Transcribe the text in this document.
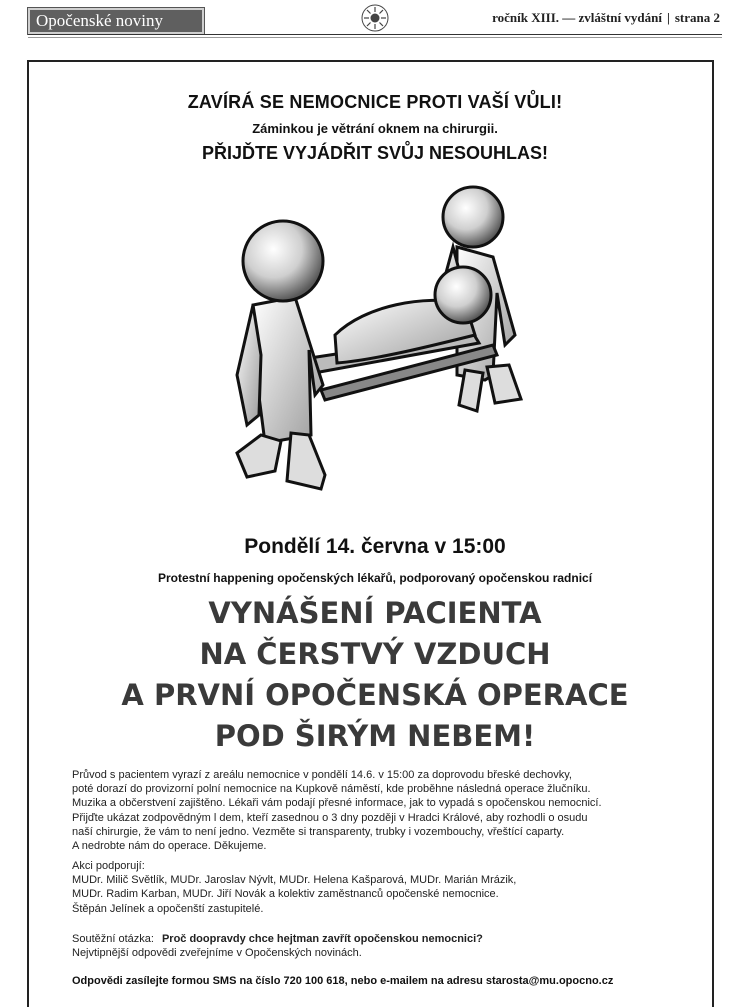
Opočenské noviny	ročník XIII. — zvláštní vydání | strana 2
ZAVÍRÁ SE NEMOCNICE PROTI VAŠÍ VŮLI!
Záminkou je větrání oknem na chirurgii.
PŘIJĎTE VYJÁDŘIT SVŮJ NESOUHLAS!
Pondělí 14. června v 15:00
Protestní happening opočenských lékařů, podporovaný opočenskou radnicí
VYNÁŠENÍ PACIENTA
NA ČERSTVÝ VZDUCH
A PRVNÍ OPOČENSKÁ OPERACE
POD ŠIRÝM NEBEM!
Průvod s pacientem vyrazí z areálu nemocnice v pondělí 14.6. v 15:00 za doprovodu břeské dechovky,
poté dorazí do provizorní polní nemocnice na Kupkově náměstí, kde proběhne následná operace žlučníku.
Muzika a občerstvení zajištěno. Lékaři vám podají přesné informace, jak to vypadá s opočenskou nemocnicí.
Přijďte ukázat zodpovědným l dem, kteří zasednou o 3 dny později v Hradci Králové, aby rozhodli o osudu
naší chirurgie, že vám to není jedno. Vezměte si transparenty, trubky i vozembouchy, vřeštící caparty.
A nedrobte nám do operace. Děkujeme.
Akci podporují:
MUDr. Milič Světlík, MUDr. Jaroslav Nývlt, MUDr. Helena Kašparová, MUDr. Marián Mrázik,
MUDr. Radim Karban, MUDr. Jiří Novák a kolektiv zaměstnanců opočenské nemocnice.
Štěpán Jelínek a opočenští zastupitelé.
Soutěžní otázka: Proč doopravdy chce hejtman zavřít opočenskou nemocnici?
Nejvtipnější odpovědi zveřejníme v Opočenských novinách.
Odpovědi zasílejte formou SMS na číslo 720 100 618, nebo e-mailem na adresu starosta@mu.opocno.cz
